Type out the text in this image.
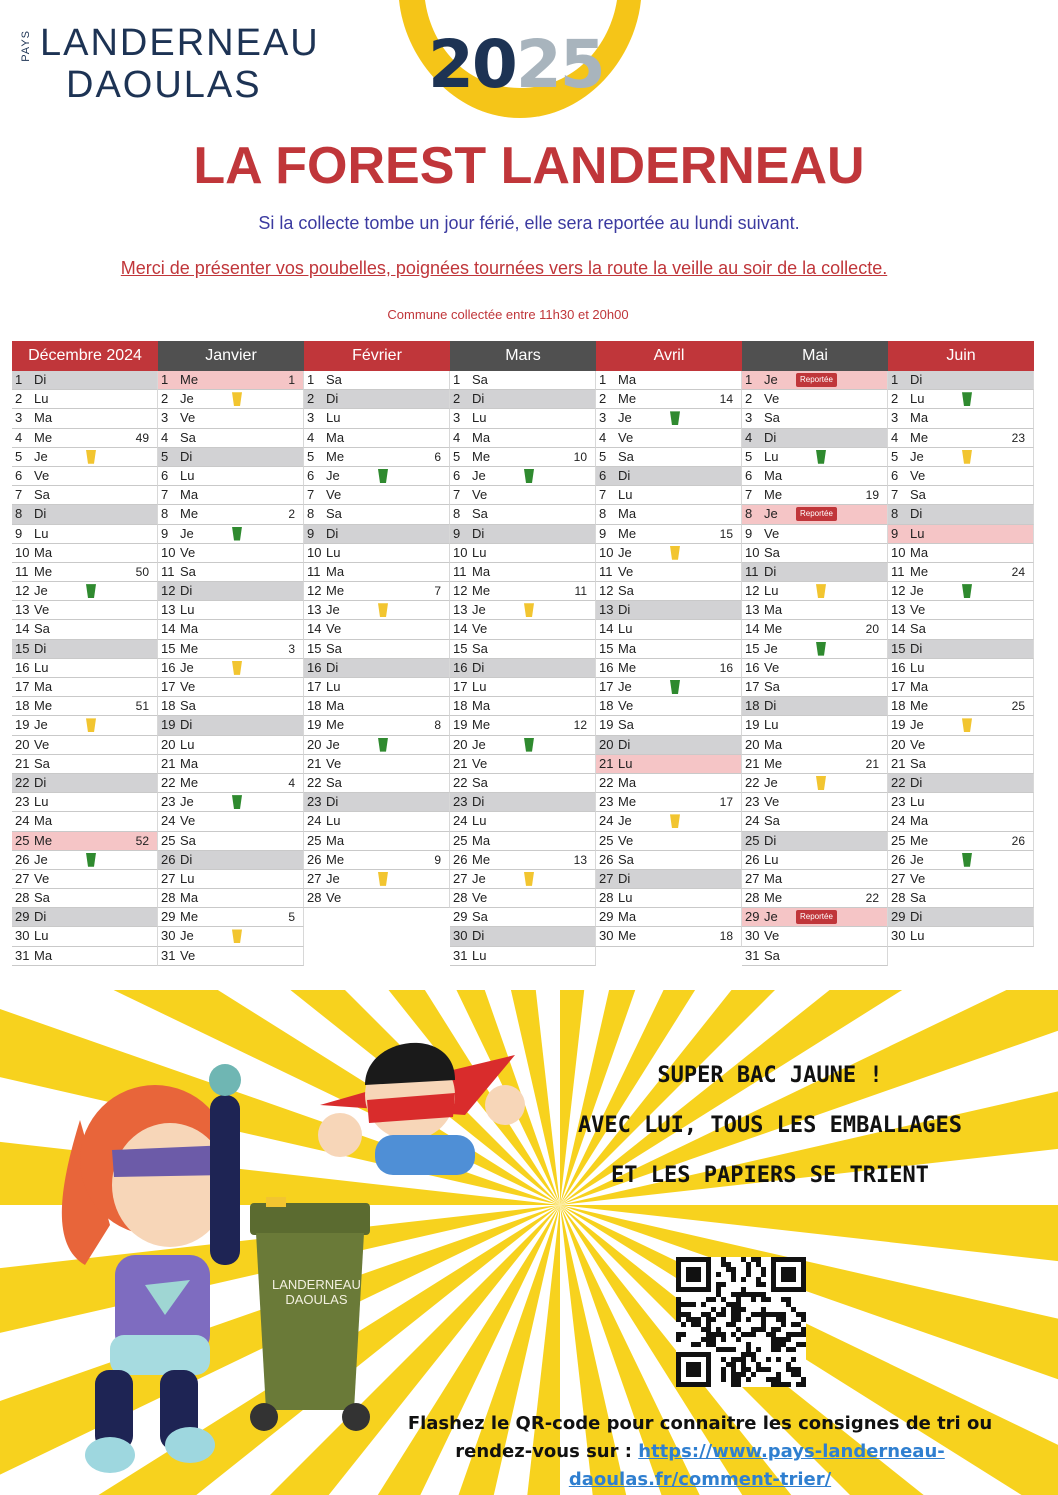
PAYS LANDERNEAU
DAOULAS	2025
LA FOREST LANDERNEAU
Si la collecte tombe un jour férié, elle sera reportée au lundi suivant.
Merci de présenter vos poubelles, poignées tournées vers la route la veille au soir de la collecte.
Commune collectée entre 11h30 et 20h00
Décembre 2024
1 Di
2 Lu
3 Ma
4 Me	49
5 Je
6 Ve
7 Sa
8 Di
9 Lu
10 Ma
11 Me	50
12 Je
13 Ve
14 Sa
15 Di
16 Lu
17 Ma
18 Me	51
19 Je
20 Ve
21 Sa
22 Di
23 Lu
24 Ma
25 Me	52
26 Je
27 Ve
28 Sa
29 Di
30 Lu
31 Ma
Janvier
1 Me	1
2 Je
3 Ve
4 Sa
5 Di
6 Lu
7 Ma
8 Me	2
9 Je
10 Ve
11 Sa
12 Di
13 Lu
14 Ma
15 Me	3
16 Je
17 Ve
18 Sa
19 Di
20 Lu
21 Ma
22 Me	4
23 Je
24 Ve
25 Sa
26 Di
27 Lu
28 Ma
29 Me	5
30 Je
31 Ve
Février
1 Sa
2 Di
3 Lu
4 Ma
5 Me	6
6 Je
7 Ve
8 Sa
9 Di
10 Lu
11 Ma
12 Me	7
13 Je
14 Ve
15 Sa
16 Di
17 Lu
18 Ma
19 Me	8
20 Je
21 Ve
22 Sa
23 Di
24 Lu
25 Ma
26 Me	9
27 Je
28 Ve
Mars
1 Sa
2 Di
3 Lu
4 Ma
5 Me	10
6 Je
7 Ve
8 Sa
9 Di
10 Lu
11 Ma
12 Me	11
13 Je
14 Ve
15 Sa
16 Di
17 Lu
18 Ma
19 Me	12
20 Je
21 Ve
22 Sa
23 Di
24 Lu
25 Ma
26 Me	13
27 Je
28 Ve
29 Sa
30 Di
31 Lu
Avril
1 Ma
2 Me	14
3 Je
4 Ve
5 Sa
6 Di
7 Lu
8 Ma
9 Me	15
10 Je
11 Ve
12 Sa
13 Di
14 Lu
15 Ma
16 Me	16
17 Je
18 Ve
19 Sa
20 Di
21 Lu
22 Ma
23 Me	17
24 Je
25 Ve
26 Sa
27 Di
28 Lu
29 Ma
30 Me	18
Mai
1 Je	Reportée
2 Ve
3 Sa
4 Di
5 Lu
6 Ma
7 Me	19
8 Je	Reportée
9 Ve
10 Sa
11 Di
12 Lu
13 Ma
14 Me	20
15 Je
16 Ve
17 Sa
18 Di
19 Lu
20 Ma
21 Me	21
22 Je
23 Ve
24 Sa
25 Di
26 Lu
27 Ma
28 Me	22
29 Je	Reportée
30 Ve
31 Sa
Juin
1 Di
2 Lu
3 Ma
4 Me	23
5 Je
6 Ve
7 Sa
8 Di
9 Lu
10 Ma
11 Me	24
12 Je
13 Ve
14 Sa
15 Di
16 Lu
17 Ma
18 Me	25
19 Je
20 Ve
21 Sa
22 Di
23 Lu
24 Ma
25 Me	26
26 Je
27 Ve
28 Sa
29 Di
30 Lu
LANDERNEAU
DAOULAS
SUPER BAC JAUNE !
AVEC LUI, TOUS LES EMBALLAGES
ET LES PAPIERS SE TRIENT
Flashez le QR-code pour connaitre les consignes de tri ou rendez-vous sur : https://www.pays-landerneau-daoulas.fr/comment-trier/
